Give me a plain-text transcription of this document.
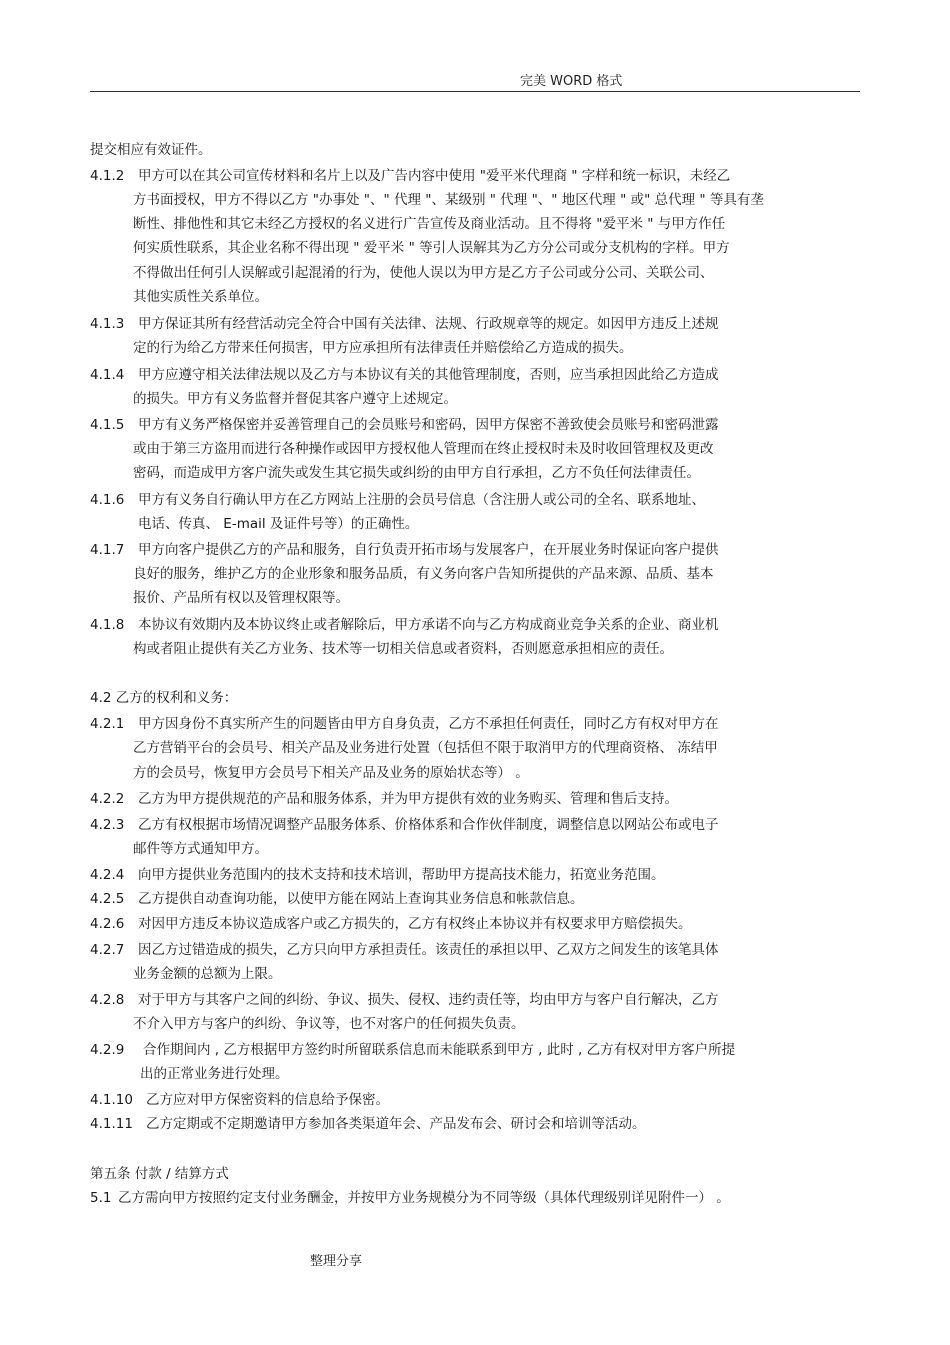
完美 WORD 格式
提交相应有效证件。
4.1.2 甲方可以在其公司宣传材料和名片上以及广告内容中使用 "爱平米代理商 " 字样和统一标识，未经乙
方书面授权，甲方不得以乙方 "办事处 "、" 代理 "、某级别 " 代理 "、" 地区代理 " 或" 总代理 " 等具有垄
断性、排他性和其它未经乙方授权的名义进行广告宣传及商业活动。且不得将 "爱平米 " 与甲方作任
何实质性联系，其企业名称不得出现 " 爱平米 " 等引人误解其为乙方分公司或分支机构的字样。甲方
不得做出任何引人误解或引起混淆的行为，使他人误以为甲方是乙方子公司或分公司、关联公司、
其他实质性关系单位。
4.1.3 甲方保证其所有经营活动完全符合中国有关法律、法规、行政规章等的规定。如因甲方违反上述规
定的行为给乙方带来任何损害，甲方应承担所有法律责任并赔偿给乙方造成的损失。
4.1.4 甲方应遵守相关法律法规以及乙方与本协议有关的其他管理制度，否则，应当承担因此给乙方造成
的损失。甲方有义务监督并督促其客户遵守上述规定。
4.1.5 甲方有义务严格保密并妥善管理自己的会员账号和密码，因甲方保密不善致使会员账号和密码泄露
或由于第三方盗用而进行各种操作或因甲方授权他人管理而在终止授权时未及时收回管理权及更改
密码，而造成甲方客户流失或发生其它损失或纠纷的由甲方自行承担，乙方不负任何法律责任。
4.1.6 甲方有义务自行确认甲方在乙方网站上注册的会员号信息（含注册人或公司的全名、联系地址、
电话、传真、 E-mail 及证件号等）的正确性。
4.1.7 甲方向客户提供乙方的产品和服务，自行负责开拓市场与发展客户，在开展业务时保证向客户提供
良好的服务，维护乙方的企业形象和服务品质，有义务向客户告知所提供的产品来源、品质、基本
报价、产品所有权以及管理权限等。
4.1.8 本协议有效期内及本协议终止或者解除后，甲方承诺不向与乙方构成商业竞争关系的企业、商业机
构或者阻止提供有关乙方业务、技术等一切相关信息或者资料，否则愿意承担相应的责任。
4.2 乙方的权利和义务：
4.2.1 甲方因身份不真实所产生的问题皆由甲方自身负责，乙方不承担任何责任，同时乙方有权对甲方在
乙方营销平台的会员号、相关产品及业务进行处置（包括但不限于取消甲方的代理商资格、 冻结甲
方的会员号，恢复甲方会员号下相关产品及业务的原始状态等） 。
4.2.2 乙方为甲方提供规范的产品和服务体系，并为甲方提供有效的业务购买、管理和售后支持。
4.2.3 乙方有权根据市场情况调整产品服务体系、价格体系和合作伙伴制度，调整信息以网站公布或电子
邮件等方式通知甲方。
4.2.4 向甲方提供业务范围内的技术支持和技术培训，帮助甲方提高技术能力，拓宽业务范围。
4.2.5 乙方提供自动查询功能，以使甲方能在网站上查询其业务信息和帐款信息。
4.2.6 对因甲方违反本协议造成客户或乙方损失的，乙方有权终止本协议并有权要求甲方赔偿损失。
4.2.7 因乙方过错造成的损失，乙方只向甲方承担责任。该责任的承担以甲、乙双方之间发生的该笔具体
业务金额的总额为上限。
4.2.8 对于甲方与其客户之间的纠纷、争议、损失、侵权、违约责任等，均由甲方与客户自行解决，乙方
不介入甲方与客户的纠纷、争议等，也不对客户的任何损失负责。
4.2.9 合作期间内 , 乙方根据甲方签约时所留联系信息而未能联系到甲方 , 此时 , 乙方有权对甲方客户所提
出的正常业务进行处理。
4.1.10 乙方应对甲方保密资料的信息给予保密。
4.1.11 乙方定期或不定期邀请甲方参加各类渠道年会、产品发布会、研讨会和培训等活动。
第五条 付款 / 结算方式
5.1 乙方需向甲方按照约定支付业务酬金，并按甲方业务规模分为不同等级（具体代理级别详见附件一） 。
整理分享
